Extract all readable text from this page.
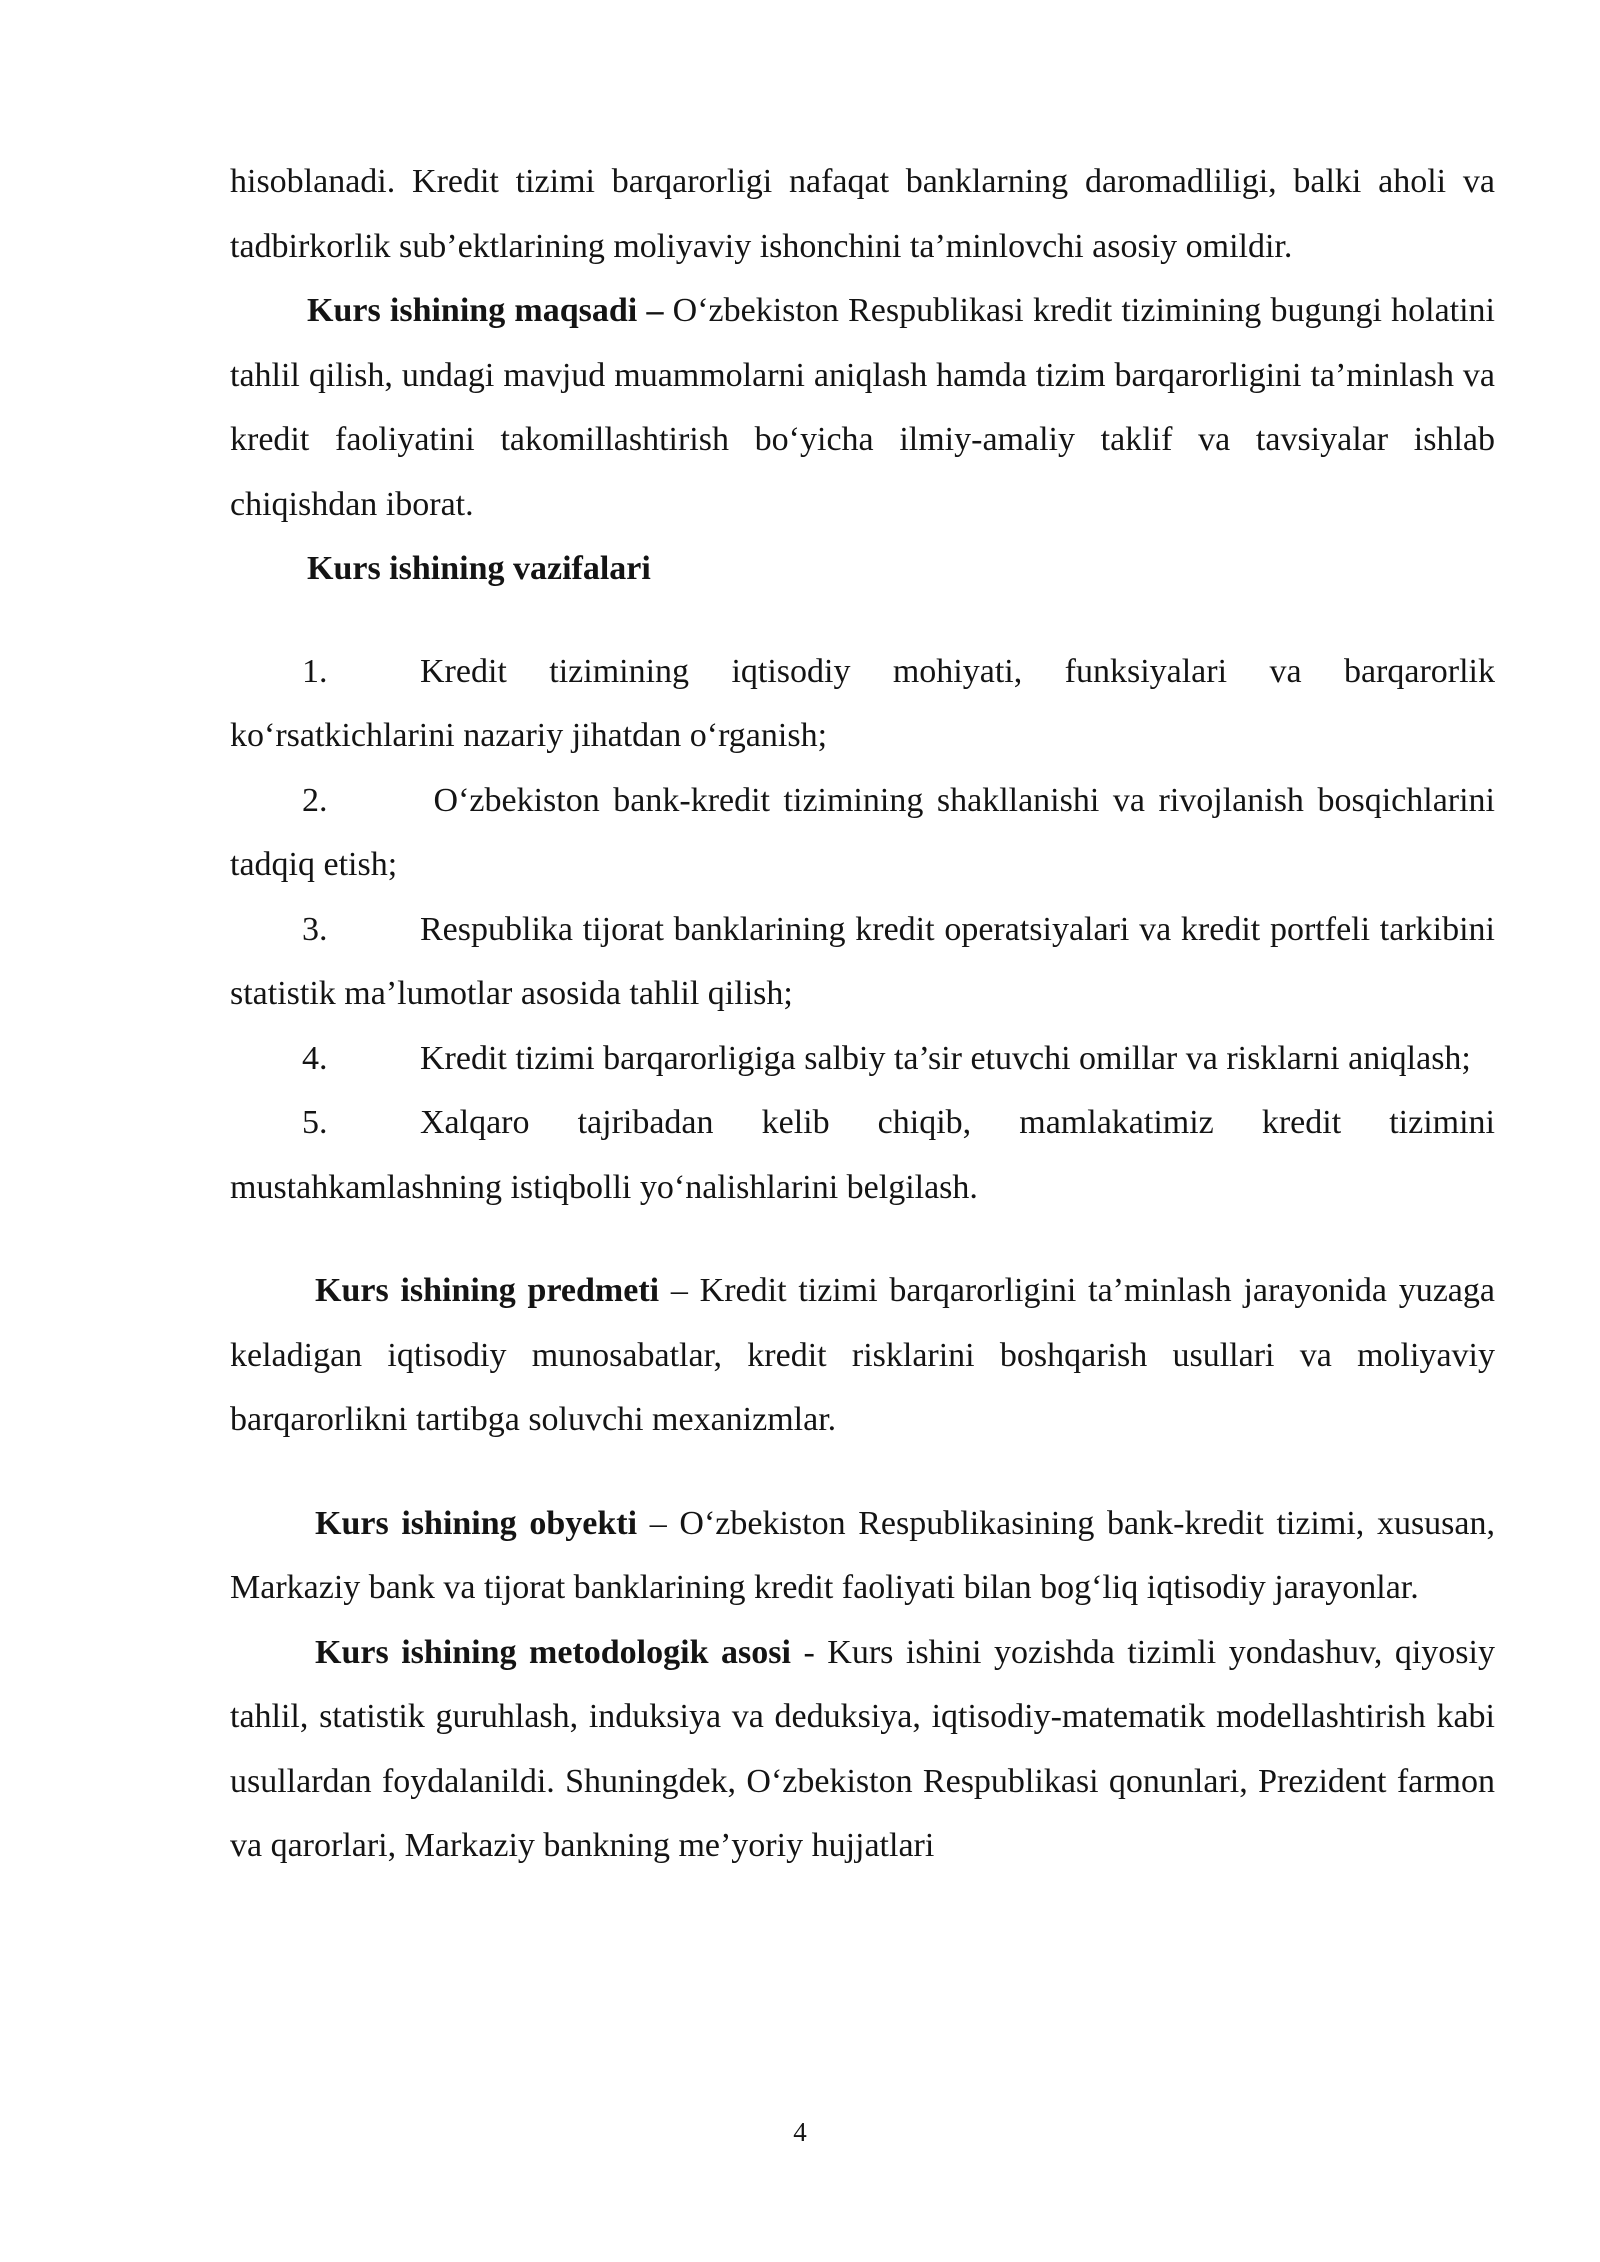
hisoblanadi. Kredit tizimi barqarorligi nafaqat banklarning daromadliligi, balki aholi va tadbirkorlik sub’ektlarining moliyaviy ishonchini ta’minlovchi asosiy omildir.

Kurs ishining maqsadi – O‘zbekiston Respublikasi kredit tizimining bugungi holatini tahlil qilish, undagi mavjud muammolarni aniqlash hamda tizim barqarorligini ta’minlash va kredit faoliyatini takomillashtirish bo‘yicha ilmiy-amaliy taklif va tavsiyalar ishlab chiqishdan iborat.

Kurs ishining vazifalari

1.	Kredit tizimining iqtisodiy mohiyati, funksiyalari va barqarorlik ko‘rsatkichlarini nazariy jihatdan o‘rganish;

2.	O‘zbekiston bank-kredit tizimining shakllanishi va rivojlanish bosqichlarini tadqiq etish;

3.	Respublika tijorat banklarining kredit operatsiyalari va kredit portfeli tarkibini statistik ma’lumotlar asosida tahlil qilish;

4.	Kredit tizimi barqarorligiga salbiy ta’sir etuvchi omillar va risklarni aniqlash;

5.	Xalqaro tajribadan kelib chiqib, mamlakatimiz kredit tizimini mustahkamlashning istiqbolli yo‘nalishlarini belgilash.

Kurs ishining predmeti – Kredit tizimi barqarorligini ta’minlash jarayonida yuzaga keladigan iqtisodiy munosabatlar, kredit risklarini boshqarish usullari va moliyaviy barqarorlikni tartibga soluvchi mexanizmlar.

Kurs ishining obyekti – O‘zbekiston Respublikasining bank-kredit tizimi, xususan, Markaziy bank va tijorat banklarining kredit faoliyati bilan bog‘liq iqtisodiy jarayonlar.

Kurs ishining metodologik asosi - Kurs ishini yozishda tizimli yondashuv, qiyosiy tahlil, statistik guruhlash, induksiya va deduksiya, iqtisodiy-matematik modellashtirish kabi usullardan foydalanildi. Shuningdek, O‘zbekiston Respublikasi qonunlari, Prezident farmon va qarorlari, Markaziy bankning me’yoriy hujjatlari

4
